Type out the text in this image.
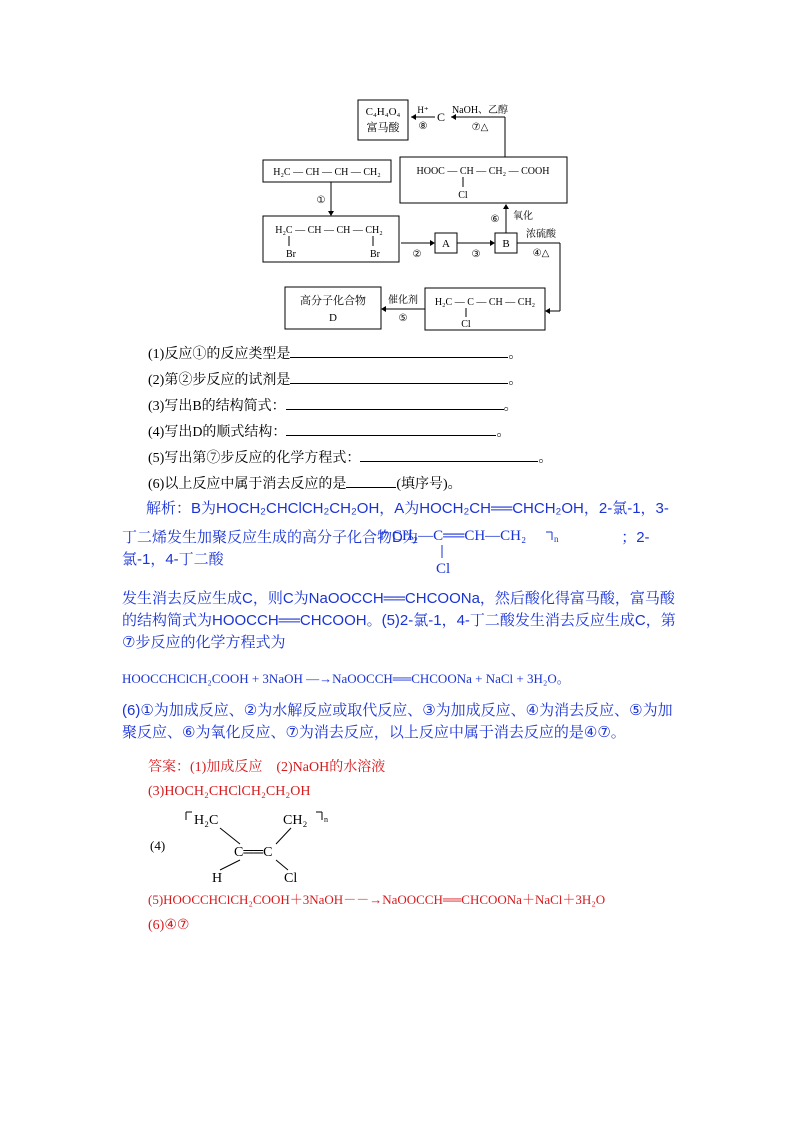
C₄H₄O₄
富马酸
H⁺
⑧
C NaOH、乙醇
⑦△
HOOC — CH — CH₂ — COOH
Cl
H₂C — CH — CH — CH₂
①
H₂C — CH — CH — CH₂
Br	Br	②
A
③
B
⑥ 氧化
浓硫酸
④△
H₂C — C — CH — CH₂
Cl
催化剂
⑤
高分子化合物
D
(1)反应①的反应类型是	。
(2)第②步反应的试剂是	。
(3)写出B的结构简式：	。
(4)写出D的顺式结构：	。
(5)写出第⑦步反应的化学方程式：	。
(6)以上反应中属于消去反应的是	(填序号)。
解析：B为HOCH₂CHClCH₂CH₂OH，A为HOCH₂CH══CHCH₂OH，2-氯-1，3-丁二烯发生加聚反应生成的高分子化合物D为	；2-氯-1，4-丁二酸
CH₂—C══CH—CH₂	n
Cl
发生消去反应生成C，则C为NaOOCCH══CHCOONa，然后酸化得富马酸，富马酸的结构简式为HOOCCH══CHCOOH。(5)2-氯-1，4-丁二酸发生消去反应生成C，第⑦步反应的化学方程式为
HOOCCHClCH₂COOH + 3NaOH —→NaOOCCH══CHCOONa + NaCl + 3H₂O。
(6)①为加成反应、②为水解反应或取代反应、③为加成反应、④为消去反应、⑤为加聚反应、⑥为氧化反应、⑦为消去反应，以上反应中属于消去反应的是④⑦。
答案：(1)加成反应　(2)NaOH的水溶液
(3)HOCH₂CHClCH₂CH₂OH
(4)
H₂C	CH₂ n
C══C
H	Cl
(5)HOOCCHClCH₂COOH＋3NaOH－－→NaOOCCH══CHCOONa＋NaCl＋3H₂O
(6)④⑦
